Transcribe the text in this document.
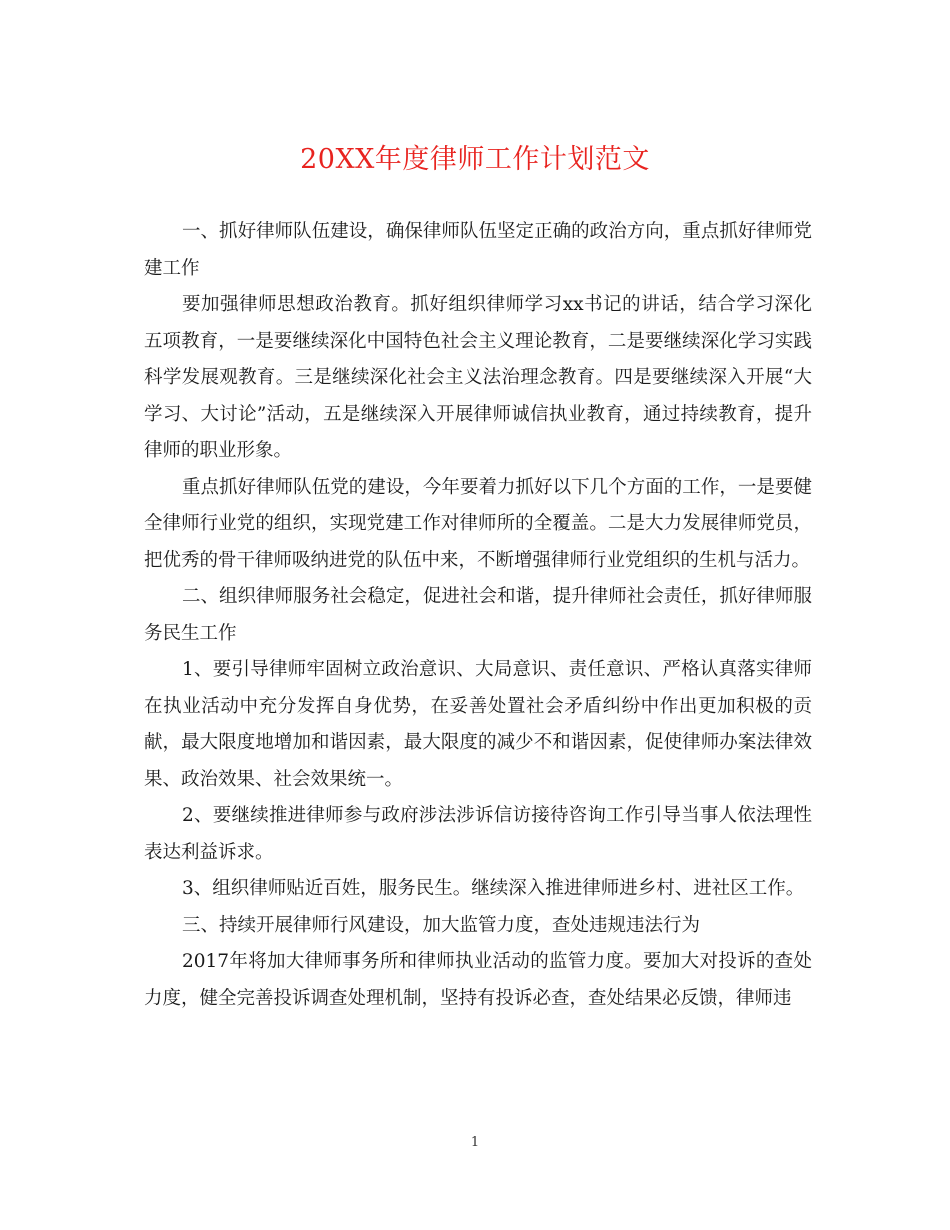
20XX年度律师工作计划范文

一、抓好律师队伍建设，确保律师队伍坚定正确的政治方向，重点抓好律师党建工作

要加强律师思想政治教育。抓好组织律师学习xx书记的讲话，结合学习深化五项教育，一是要继续深化中国特色社会主义理论教育，二是要继续深化学习实践科学发展观教育。三是继续深化社会主义法治理念教育。四是要继续深入开展“大学习、大讨论”活动，五是继续深入开展律师诚信执业教育，通过持续教育，提升律师的职业形象。

重点抓好律师队伍党的建设，今年要着力抓好以下几个方面的工作，一是要健全律师行业党的组织，实现党建工作对律师所的全覆盖。二是大力发展律师党员，把优秀的骨干律师吸纳进党的队伍中来，不断增强律师行业党组织的生机与活力。

二、组织律师服务社会稳定，促进社会和谐，提升律师社会责任，抓好律师服务民生工作

1、要引导律师牢固树立政治意识、大局意识、责任意识、严格认真落实律师在执业活动中充分发挥自身优势，在妥善处置社会矛盾纠纷中作出更加积极的贡献，最大限度地增加和谐因素，最大限度的减少不和谐因素，促使律师办案法律效果、政治效果、社会效果统一。

2、要继续推进律师参与政府涉法涉诉信访接待咨询工作引导当事人依法理性表达利益诉求。

3、组织律师贴近百姓，服务民生。继续深入推进律师进乡村、进社区工作。

三、持续开展律师行风建设，加大监管力度，查处违规违法行为

2017年将加大律师事务所和律师执业活动的监管力度。要加大对投诉的查处力度，健全完善投诉调查处理机制，坚持有投诉必查，查处结果必反馈，律师违

1
